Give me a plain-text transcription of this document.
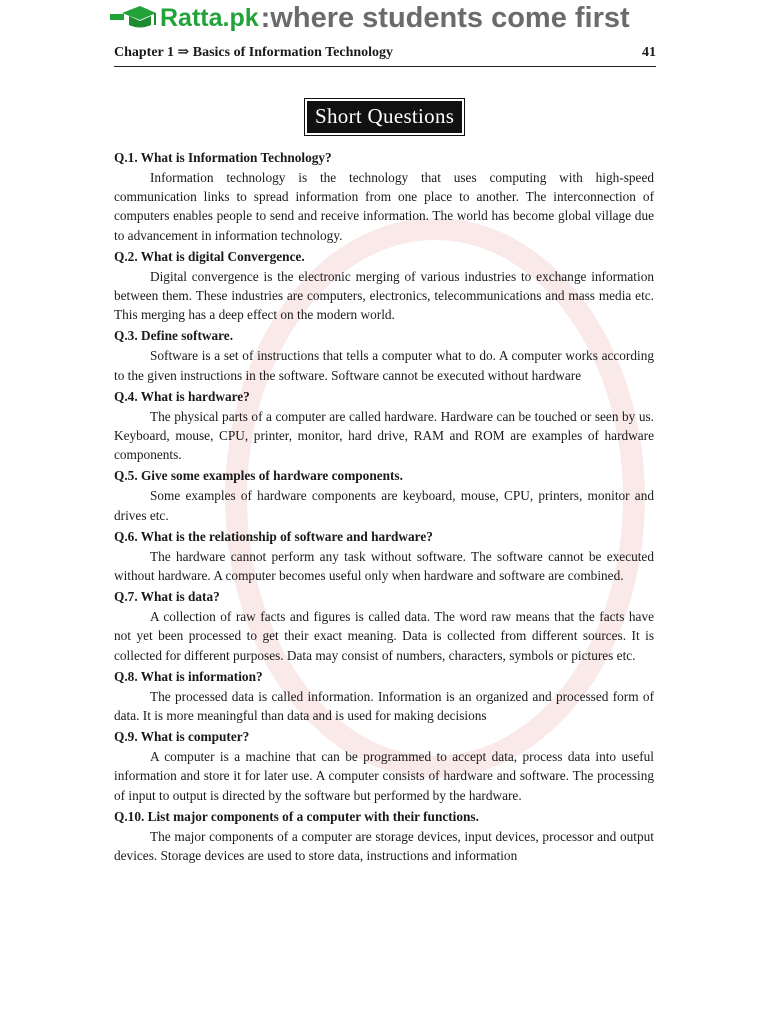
Ratta.pk :where students come first
Chapter 1 ⇒ Basics of Information Technology	41
Short Questions

Q.1. What is Information Technology?

Information technology is the technology that uses computing with high-speed communication links to spread information from one place to another. The interconnection of computers enables people to send and receive information. The world has become global village due to advancement in information technology.

Q.2. What is digital Convergence.

Digital convergence is the electronic merging of various industries to exchange information between them. These industries are computers, electronics, telecommunications and mass media etc. This merging has a deep effect on the modern world.

Q.3. Define software.

Software is a set of instructions that tells a computer what to do. A computer works according to the given instructions in the software. Software cannot be executed without hardware

Q.4. What is hardware?

The physical parts of a computer are called hardware. Hardware can be touched or seen by us. Keyboard, mouse, CPU, printer, monitor, hard drive, RAM and ROM are examples of hardware components.

Q.5. Give some examples of hardware components.

Some examples of hardware components are keyboard, mouse, CPU, printers, monitor and drives etc.

Q.6. What is the relationship of software and hardware?

The hardware cannot perform any task without software. The software cannot be executed without hardware. A computer becomes useful only when hardware and software are combined.

Q.7. What is data?

A collection of raw facts and figures is called data. The word raw means that the facts have not yet been processed to get their exact meaning. Data is collected from different sources. It is collected for different purposes. Data may consist of numbers, characters, symbols or pictures etc.

Q.8. What is information?

The processed data is called information. Information is an organized and processed form of data. It is more meaningful than data and is used for making decisions

Q.9. What is computer?

A computer is a machine that can be programmed to accept data, process data into useful information and store it for later use. A computer consists of hardware and software. The processing of input to output is directed by the software but performed by the hardware.

Q.10. List major components of a computer with their functions.

The major components of a computer are storage devices, input devices, processor and output devices. Storage devices are used to store data, instructions and information
